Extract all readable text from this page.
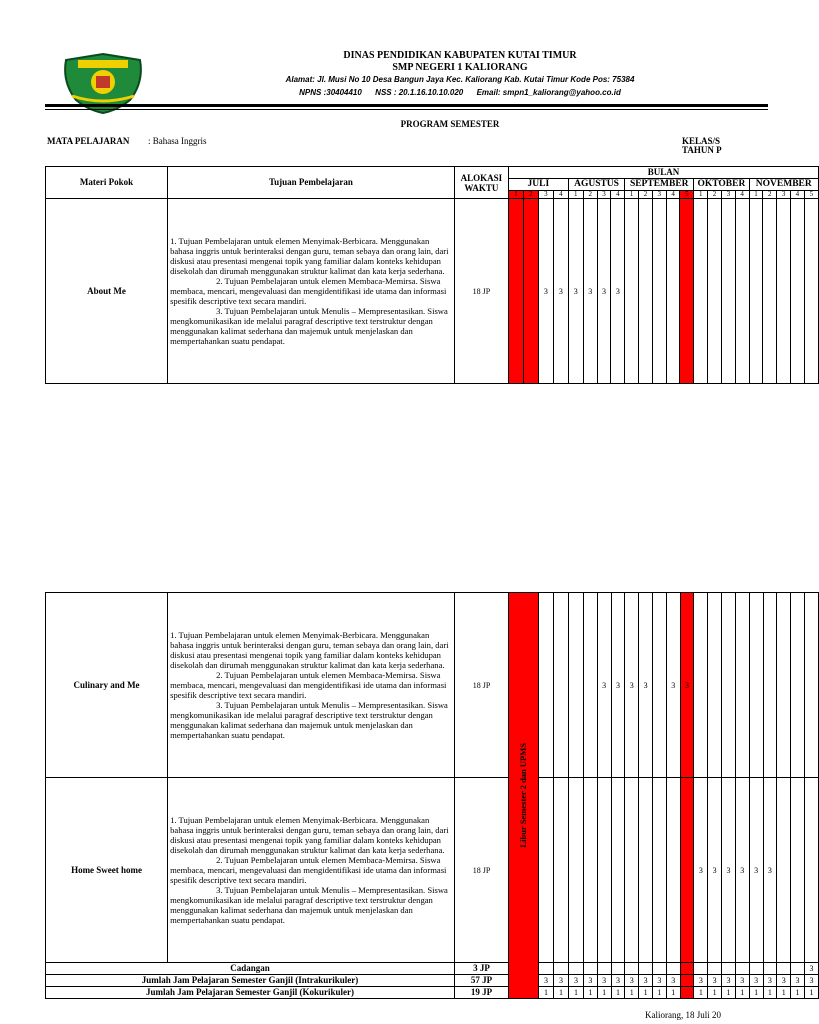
DINAS PENDIDIKAN KABUPATEN KUTAI TIMUR
SMP NEGERI 1 KALIORANG
Alamat: Jl. Musi No 10 Desa Bangun Jaya Kec. Kaliorang Kab. Kutai Timur Kode Pos: 75384
NPNS :30404410      NSS : 20.1.16.10.10.020      Email: smpn1_kaliorang@yahoo.co.id
PROGRAM SEMESTER
MATA PELAJARAN : Bahasa Inggris	KELAS/S
TAHUN P
Materi Pokok	Tujuan Pembelajaran	ALOKASI WAKTU	BULAN																					
			JULI				AGUSTUS				SEPTEMBER					OKTOBER				NOVEMBER				
			1	2	3	4	1	2	3	4	1	2	3	4	5	1	2	3	4	1	2	3	4	5
About Me	1. Tujuan Pembelajaran untuk elemen Menyimak-Berbicara. Menggunakan bahasa inggris untuk berinteraksi dengan guru, teman sebaya dan orang lain, dari diskusi atau presentasi mengenai topik yang familiar dalam konteks kehidupan disekolah dan dirumah menggunakan struktur kalimat dan kata kerja sederhana.
2. Tujuan Pembelajaran untuk elemen Membaca-Memirsa. Siswa membaca, mencari, mengevaluasi dan mengidentifikasi ide utama dan informasi spesifik descriptive text secara mandiri.
3. Tujuan Pembelajaran untuk Menulis – Mempresentasikan. Siswa mengkomunikasikan ide melalui paragraf descriptive text terstruktur dengan menggunakan kalimat sederhana dan majemuk untuk menjelaskan dan mempertahankan suatu pendapat.	18 JP			3	3	3	3	3	3														
Culinary and Me	1. Tujuan Pembelajaran untuk elemen Menyimak-Berbicara. Menggunakan bahasa inggris untuk berinteraksi dengan guru, teman sebaya dan orang lain, dari diskusi atau presentasi mengenai topik yang familiar dalam konteks kehidupan disekolah dan dirumah menggunakan struktur kalimat dan kata kerja sederhana.
2. Tujuan Pembelajaran untuk elemen Membaca-Memirsa. Siswa membaca, mencari, mengevaluasi dan mengidentifikasi ide utama dan informasi spesifik descriptive text secara mandiri.
3. Tujuan Pembelajaran untuk Menulis – Mempresentasikan. Siswa mengkomunikasikan ide melalui paragraf descriptive text terstruktur dengan menggunakan kalimat sederhana dan majemuk untuk menjelaskan dan mempertahankan suatu pendapat.	18 JP	Libur Semester 2 dan UPMS					3	3	3	3		3	3									
Home Sweet home	1. Tujuan Pembelajaran untuk elemen Menyimak-Berbicara. Menggunakan bahasa inggris untuk berinteraksi dengan guru, teman sebaya dan orang lain, dari diskusi atau presentasi mengenai topik yang familiar dalam konteks kehidupan disekolah dan dirumah menggunakan struktur kalimat dan kata kerja sederhana.
2. Tujuan Pembelajaran untuk elemen Membaca-Memirsa. Siswa membaca, mencari, mengevaluasi dan mengidentifikasi ide utama dan informasi spesifik descriptive text secara mandiri.
3. Tujuan Pembelajaran untuk Menulis – Mempresentasikan. Siswa mengkomunikasikan ide melalui paragraf descriptive text terstruktur dengan menggunakan kalimat sederhana dan majemuk untuk menjelaskan dan mempertahankan suatu pendapat.	18 JP													3	3	3	3	3	3			
Cadangan		3 JP																					3
Jumlah Jam Pelajaran Semester Ganjil (Intrakurikuler)		57 JP		3	3	3	3	3	3	3	3	3	3		3	3	3	3	3	3	3	3	3
Jumlah Jam Pelajaran Semester Ganjil (Kokurikuler)		19 JP		1	1	1	1	1	1	1	1	1	1		1	1	1	1	1	1	1	1	1
Kaliorang, 18 Juli 20
